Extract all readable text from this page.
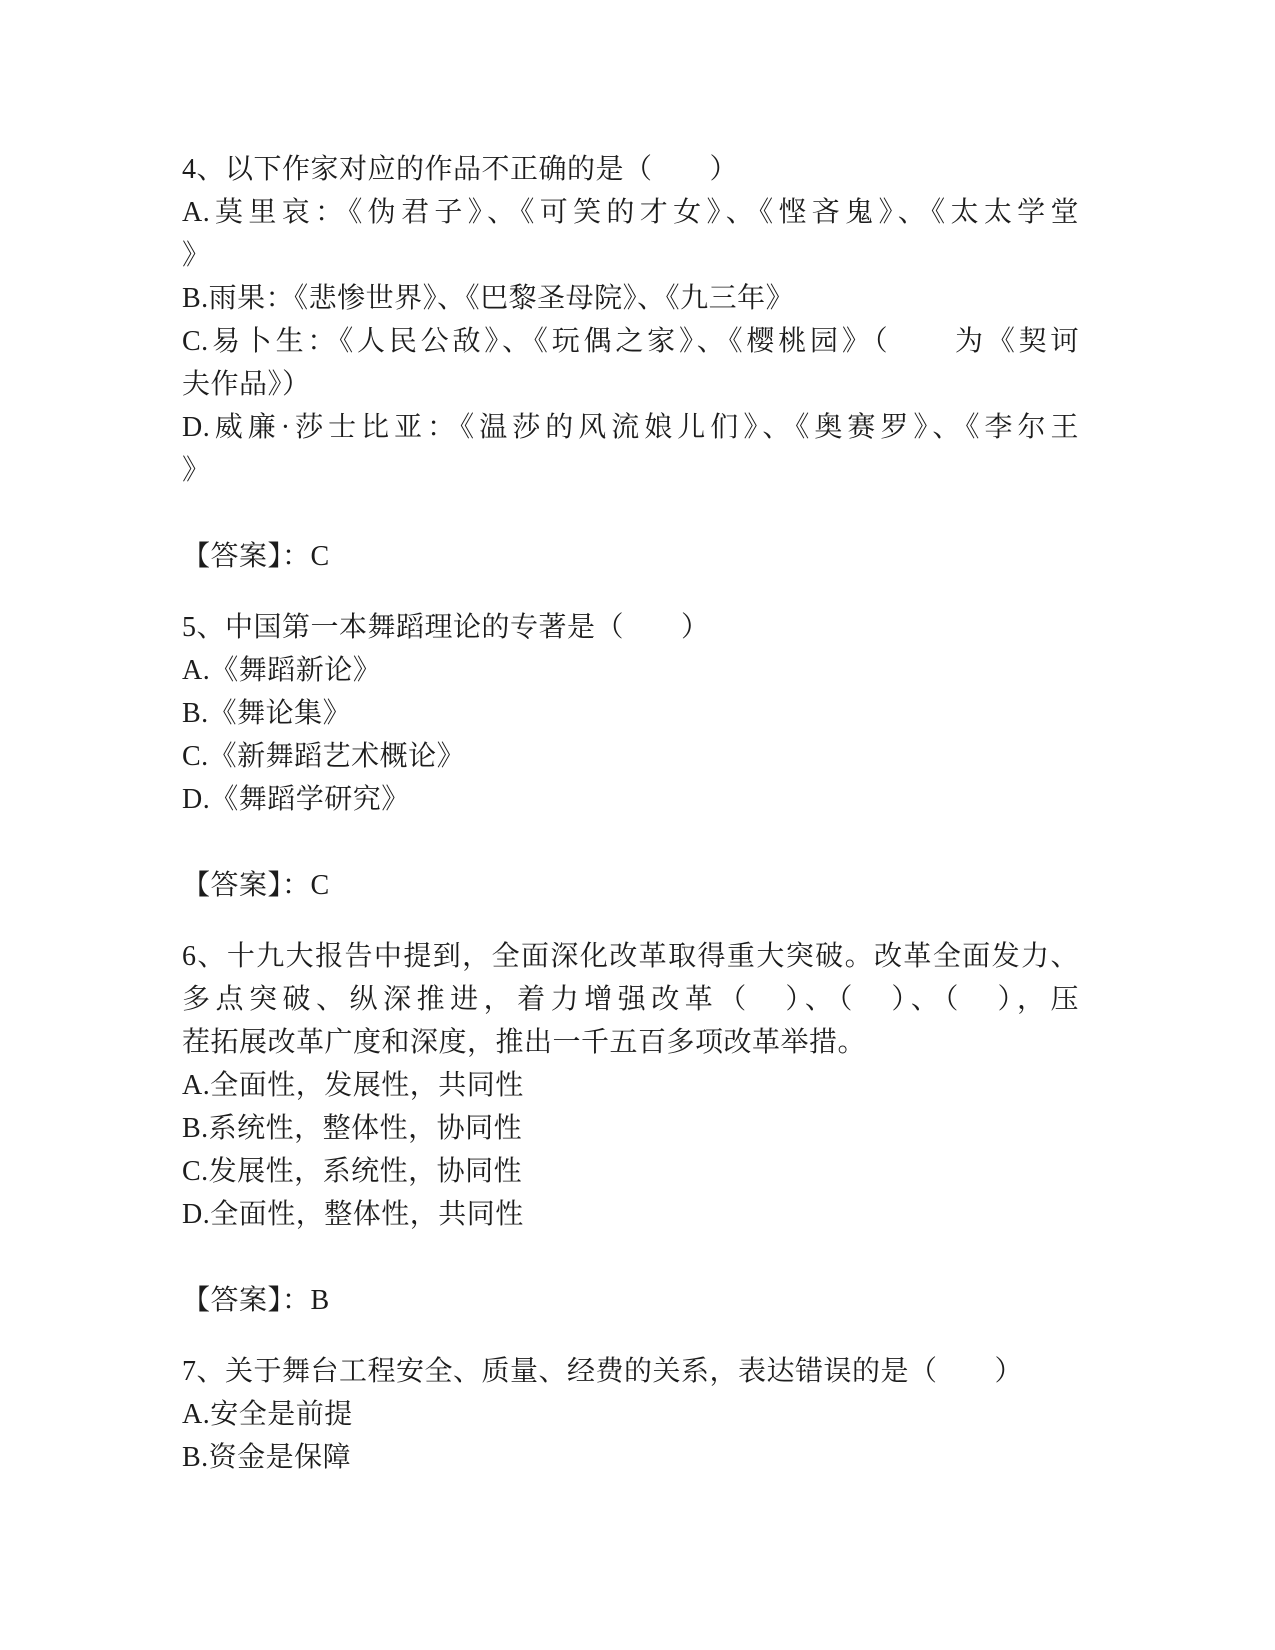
4、以下作家对应的作品不正确的是（　　）
A.莫里哀：《伪君子》、《可笑的才女》、《悭吝鬼》、《太太学堂
》
B.雨果：《悲惨世界》、《巴黎圣母院》、《九三年》
C.易卜生：《人民公敌》、《玩偶之家》、《樱桃园》（　　为《契诃
夫作品》）
D.威廉·莎士比亚：《温莎的风流娘儿们》、《奥赛罗》、《李尔王
》
【答案】：C
5、中国第一本舞蹈理论的专著是（　　）
A.《舞蹈新论》
B.《舞论集》
C.《新舞蹈艺术概论》
D.《舞蹈学研究》
【答案】：C
6、十九大报告中提到，全面深化改革取得重大突破。改革全面发力、
多点突破、纵深推进，着力增强改革（　）、（　）、（　），压
茬拓展改革广度和深度，推出一千五百多项改革举措。
A.全面性，发展性，共同性
B.系统性，整体性，协同性
C.发展性，系统性，协同性
D.全面性，整体性，共同性
【答案】：B
7、关于舞台工程安全、质量、经费的关系，表达错误的是（　　）
A.安全是前提
B.资金是保障
